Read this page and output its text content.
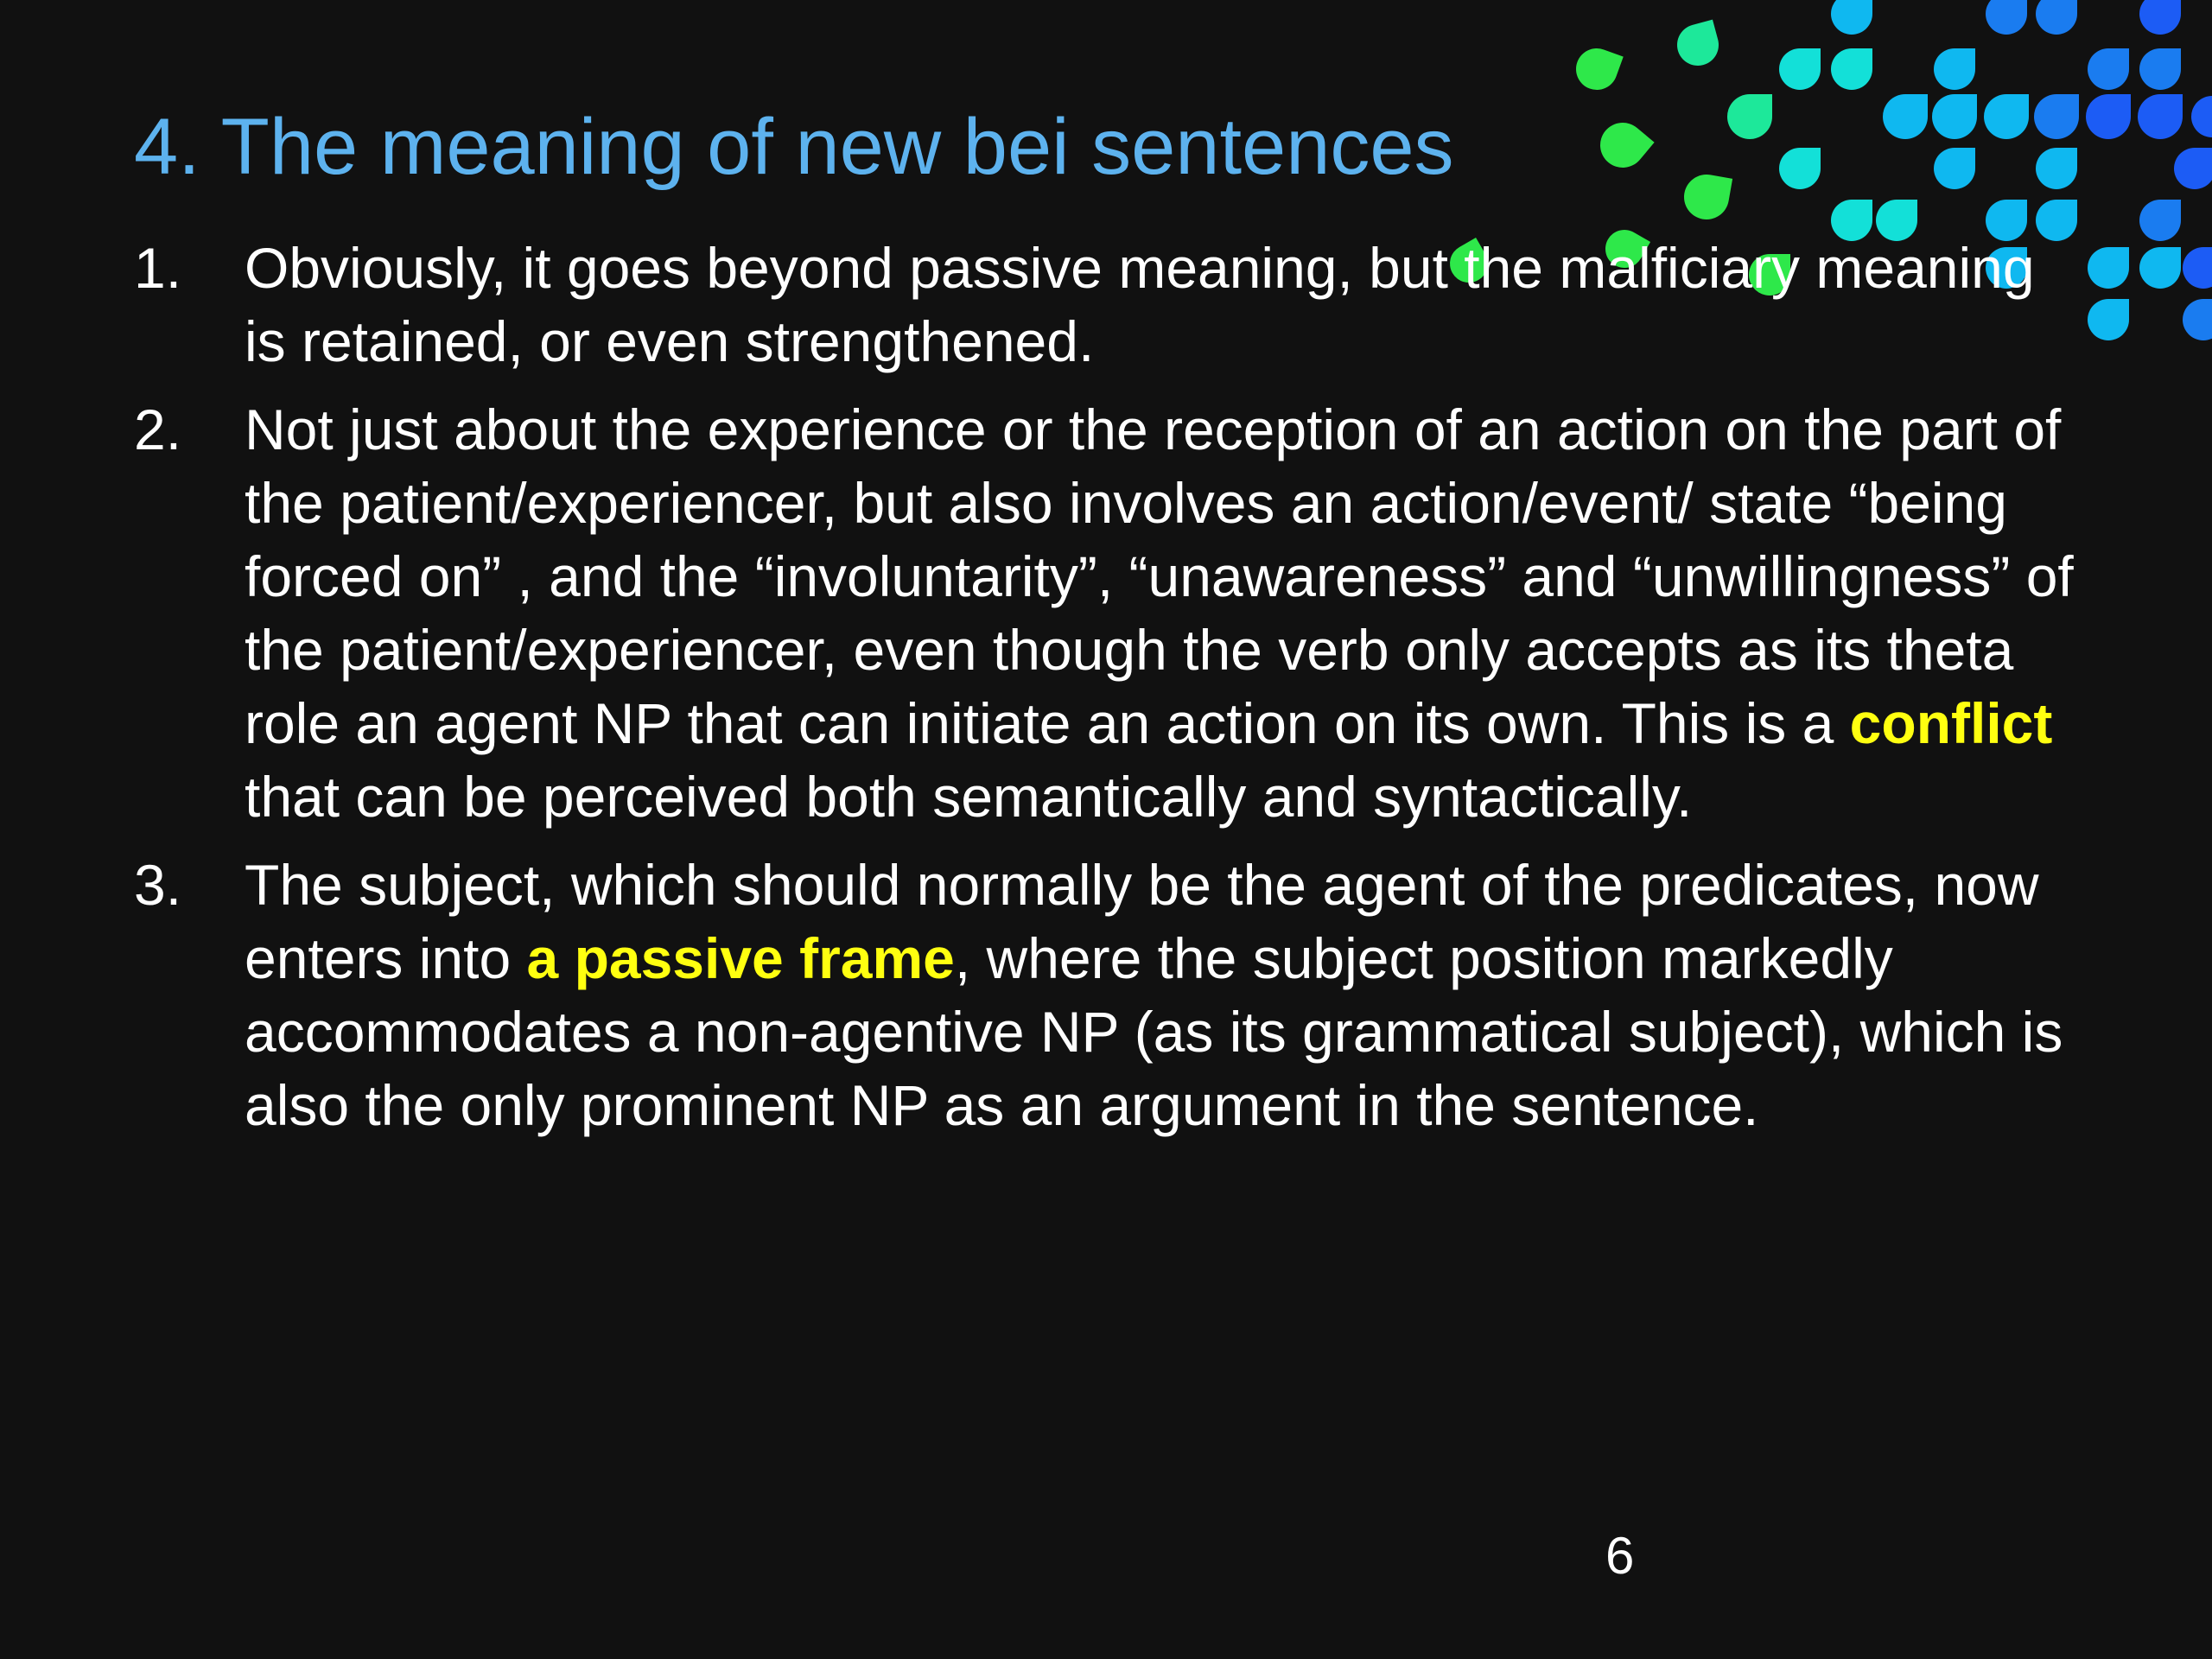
4. The meaning of new bei sentences
1.	Obviously, it goes beyond passive meaning, but the malficiary meaning is retained, or even strengthened.
2.	Not just about the experience or the reception of an action on the part of the patient/experiencer, but also involves an action/event/ state “being forced on” , and the “involuntarity”, “unawareness” and “unwillingness” of the patient/experiencer, even though the verb only accepts as its theta role an agent NP that can initiate an action on its own. This is a conflict that can be perceived both semantically and syntactically.
3.	The subject, which should normally be the agent of the predicates, now enters into a passive frame, where the subject position markedly accommodates a non-agentive NP (as its grammatical subject), which is also the only prominent NP as an argument in the sentence.
6
